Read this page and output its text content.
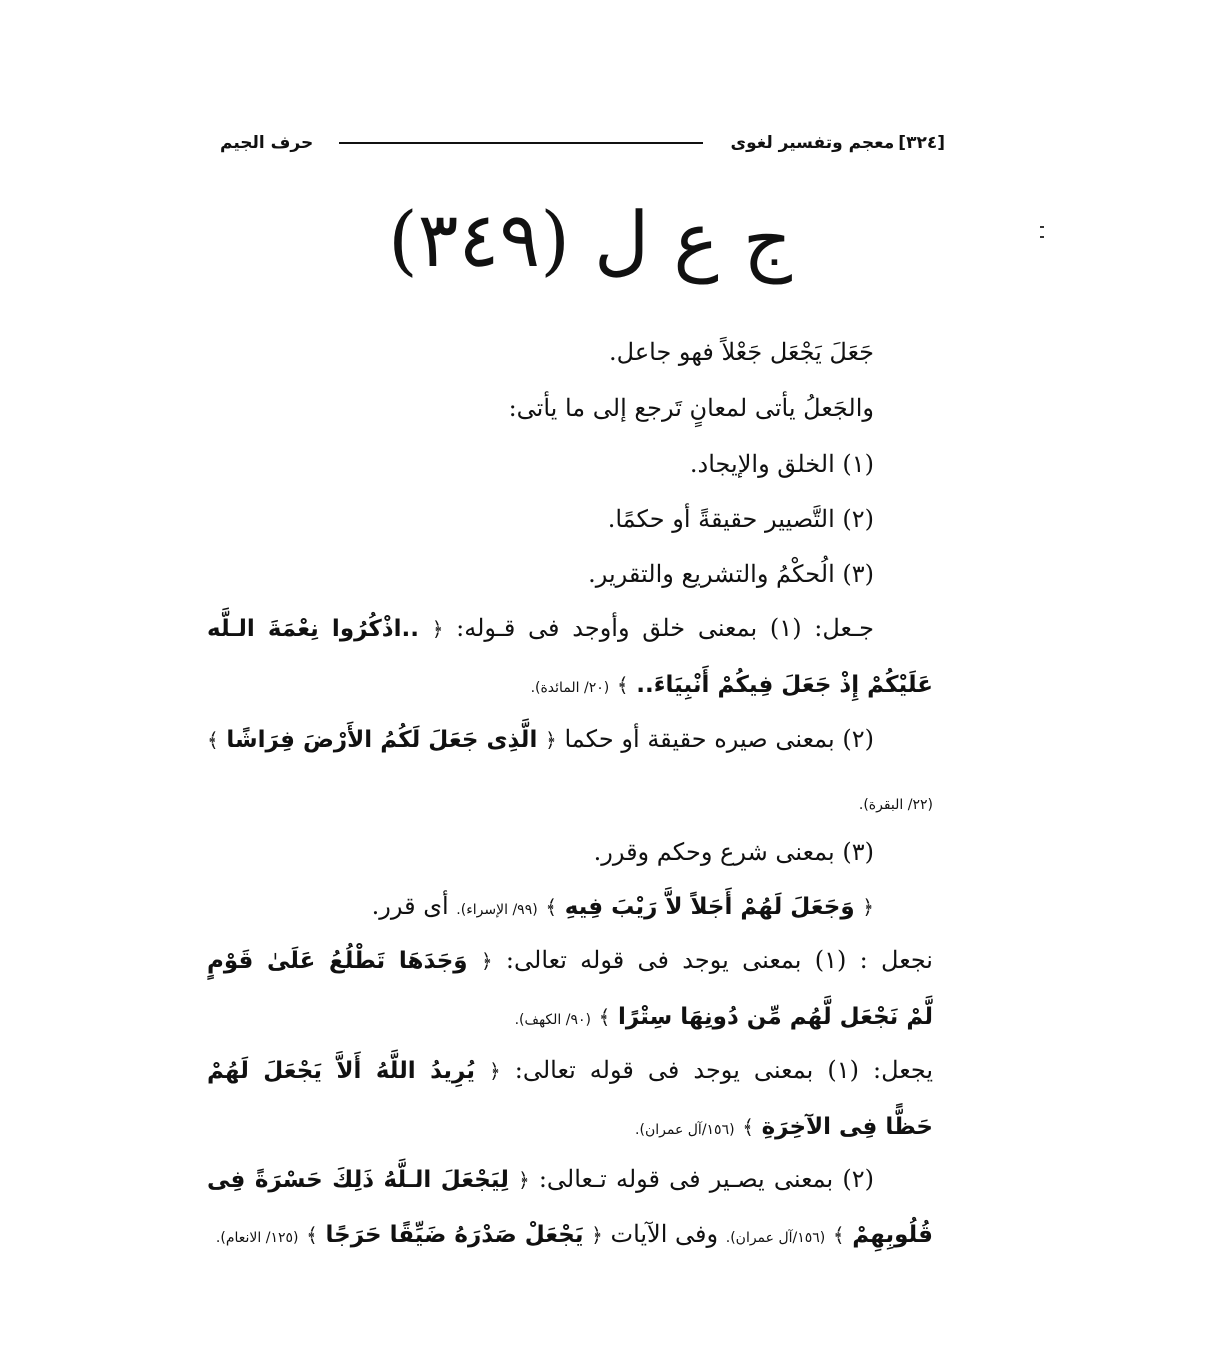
[٣٢٤]
معجم وتفسير لغوى
حرف الجيم
ج ع ل (٣٤٩)
جَعَلَ يَجْعَل جَعْلاً فهو جاعل.
والجَعلُ يأتى لمعانٍ تَرجع إلى ما يأتى:
(١) الخلق والإيجاد.
(٢) التَّصيير حقيقةً أو حكمًا.
(٣) الُحكْمُ والتشريع والتقرير.
جـعل: (١) بمعنى خلق وأوجد فى قـوله: ﴿ ..اذْكُرُوا نِعْمَةَ الـلَّه
عَلَيْكُمْ إِذْ جَعَلَ فِيكُمْ أَنْبِيَاءَ.. ﴾ (٢٠/ المائدة).
(٢) بمعنى صيره حقيقة أو حكما ﴿ الَّذِى جَعَلَ لَكُمُ الأَرْضَ فِرَاشًا ﴾
(٢٢/ البقرة).
(٣) بمعنى شرع وحكم وقرر.
﴿ وَجَعَلَ لَهُمْ أَجَلاً لاَّ رَيْبَ فِيهِ ﴾ (٩٩/ الإسراء). أى قرر.
نجعل : (١) بمعنى يوجد فى قوله تعالى: ﴿ وَجَدَهَا تَطْلُعُ عَلَىٰ قَوْمٍ
لَّمْ نَجْعَل لَّهُم مِّن دُونِهَا سِتْرًا ﴾ (٩٠/ الكهف).
يجعل: (١) بمعنى يوجد فى قوله تعالى: ﴿ يُرِيدُ اللَّهُ أَلاَّ يَجْعَلَ لَهُمْ
حَظًّا فِى الآخِرَةِ ﴾ (١٥٦/آل عمران).
(٢) بمعنى يصـير فى قوله تـعالى: ﴿ لِيَجْعَلَ الـلَّهُ ذَلِكَ حَسْرَةً فِى
قُلُوبِهِمْ ﴾ (١٥٦/آل عمران). وفى الآيات ﴿ يَجْعَلْ صَدْرَهُ ضَيِّقًا حَرَجًا ﴾ (١٢٥/ الانعام).
